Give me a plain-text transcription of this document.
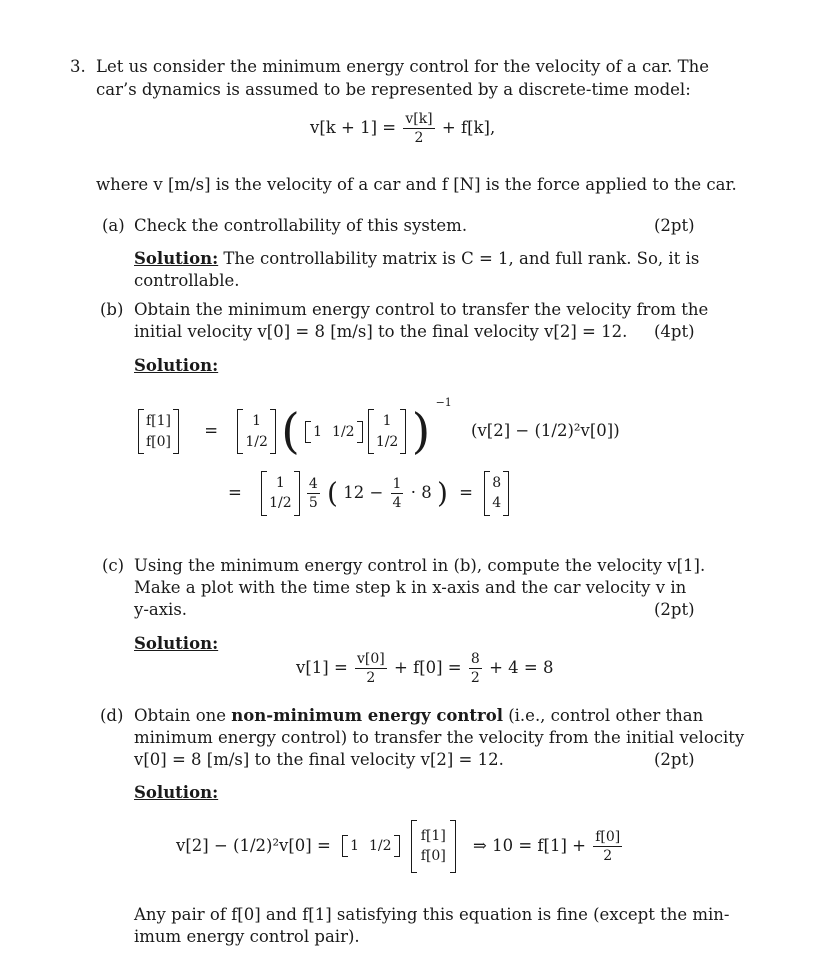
3. Let us consider the minimum energy control for the velocity of a car. The
car’s dynamics is assumed to be represented by a discrete-time model:
$v[k + 1] = \frac{v[k]}{2} + f[k]$,
where v [m/s] is the velocity of a car and f [N] is the force applied to the car.
(a) Check the controllability of this system.	(2pt)
Solution: The controllability matrix is C = 1, and full rank. So, it is
controllable.
(b) Obtain the minimum energy control to transfer the velocity from the
initial velocity v[0] = 8 [m/s] to the final velocity v[2] = 12. (4pt)
Solution:
f[1]
f[0]
= 1
1/2 ( 1 1/2

1
1/2 ) $^{-1}$ (v[2] − (1/2)²v[0])
= 1
1/2
$\frac{4}{5}$ ( $12 - \frac{1}{4} \cdot 8$ ) = 8
4
(c) Using the minimum energy control in (b), compute the velocity v[1].
Make a plot with the time step k in x-axis and the car velocity v in
y-axis.	(2pt)
Solution:
$v[1] = \frac{v[0]}{2} + f[0] = \frac{8}{2} + 4 = 8$
(d) Obtain one non-minimum energy control (i.e., control other than
minimum energy control) to transfer the velocity from the initial velocity
v[0] = 8 [m/s] to the final velocity v[2] = 12.	(2pt)
Solution:
v[2] − (1/2)²v[0] = 1 1/2

f[1]
f[0]
⇒ $10 = f[1] + \frac{f[0]}{2}$
Any pair of f[0] and f[1] satisfying this equation is fine (except the min-
imum energy control pair).
